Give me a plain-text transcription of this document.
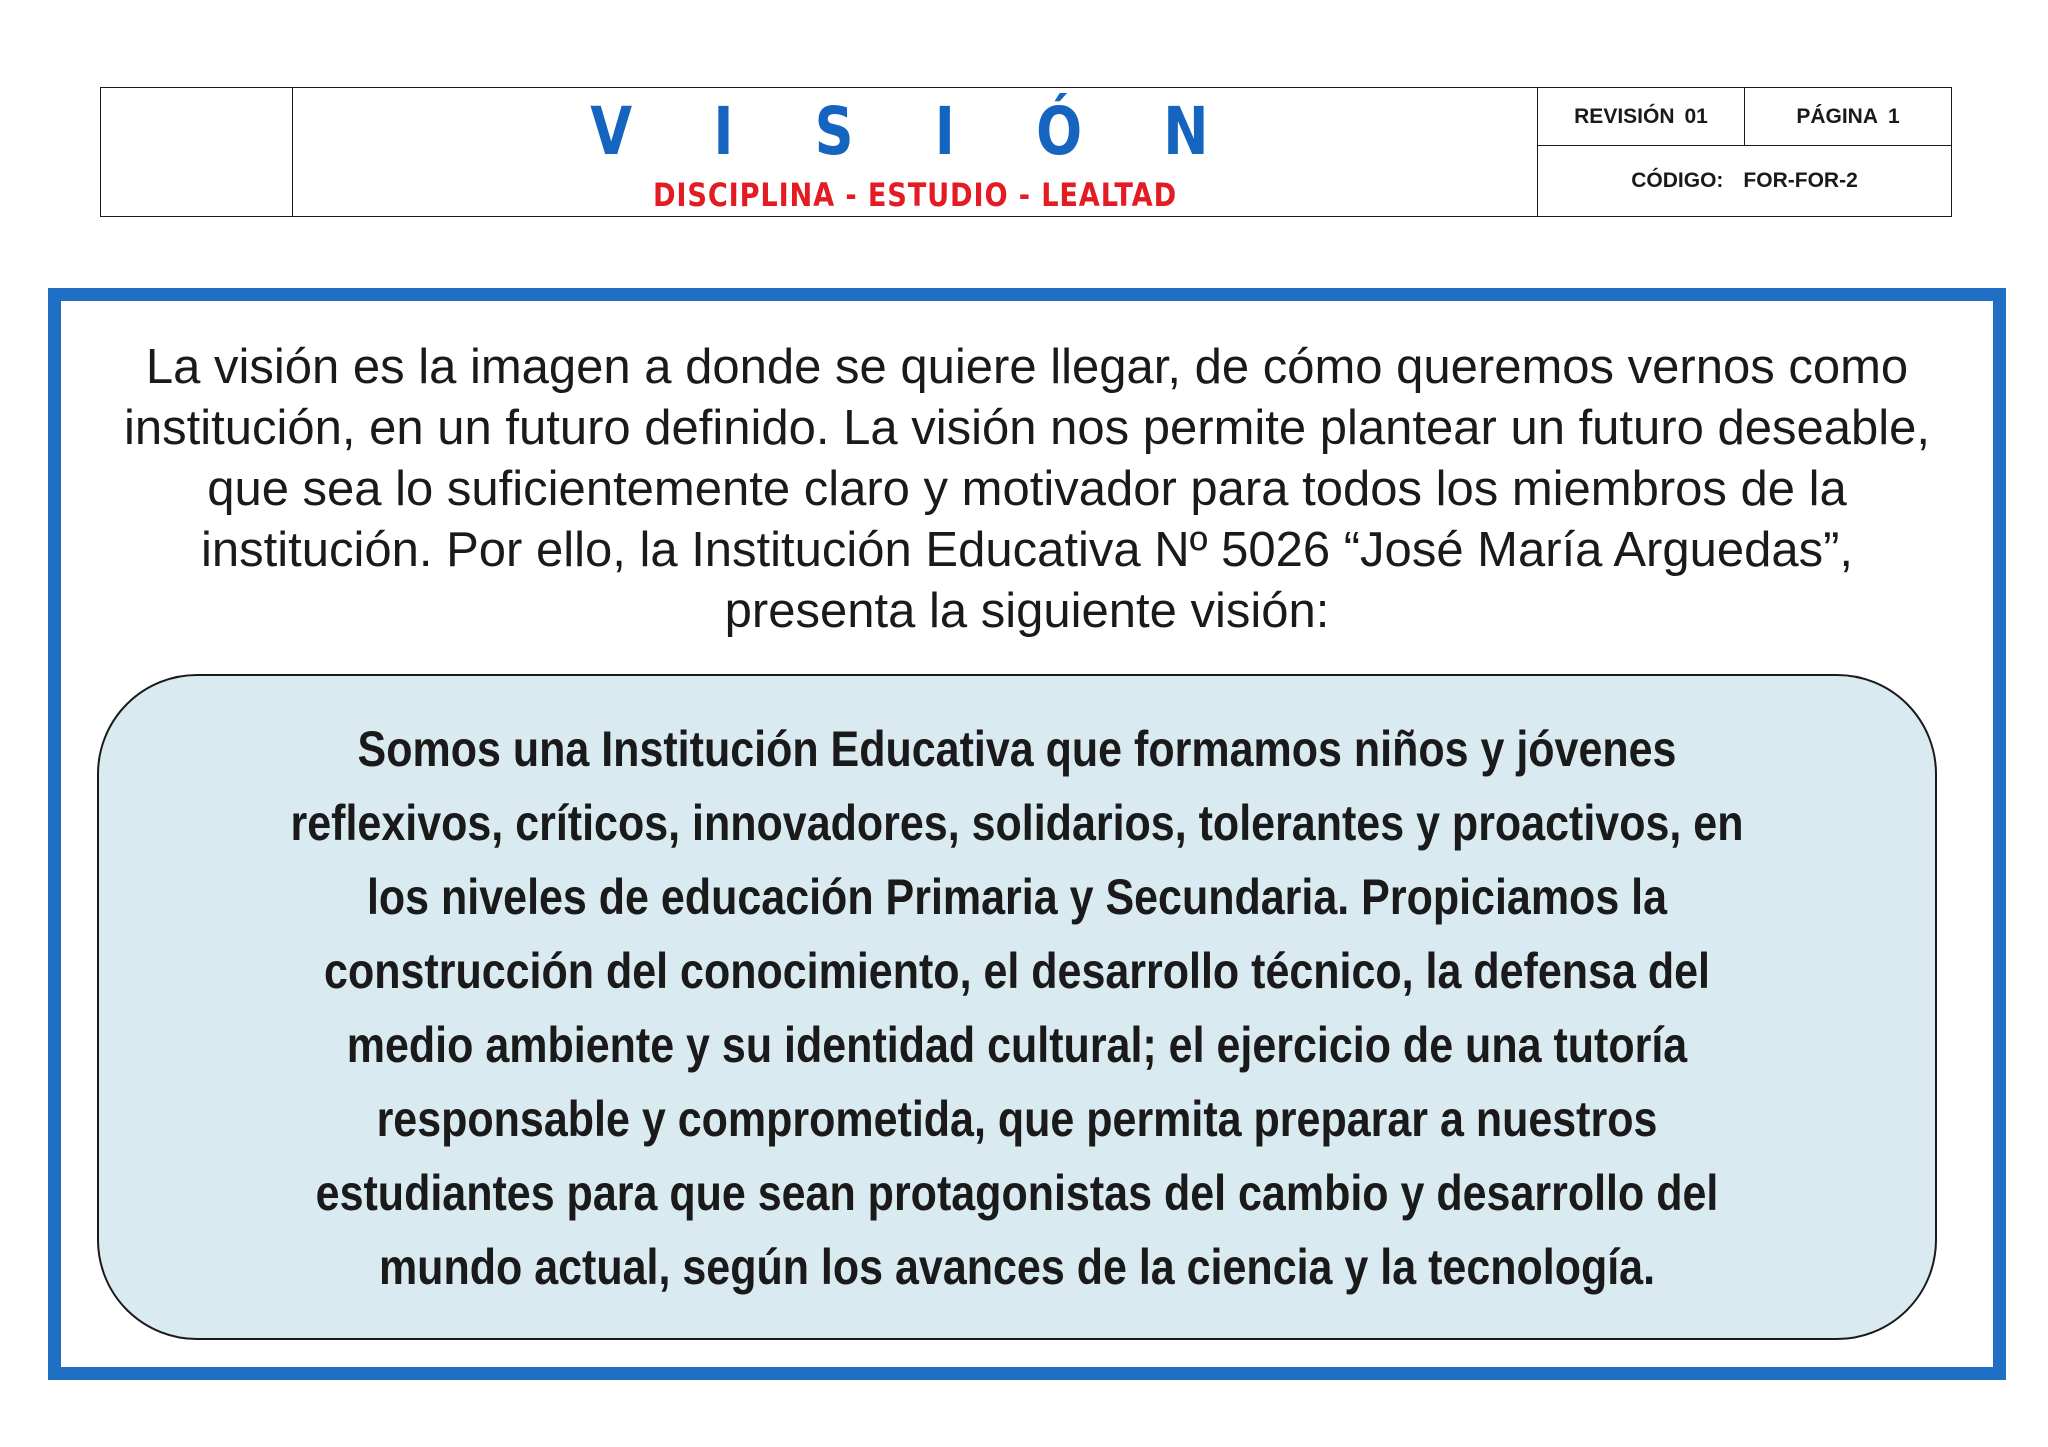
V I S I Ó N
DISCIPLINA - ESTUDIO - LEALTAD
REVISIÓN 01	PÁGINA 1
CÓDIGO: FOR-FOR-2
La visión es la imagen a donde se quiere llegar, de cómo queremos vernos como institución, en un futuro definido. La visión nos permite plantear un futuro deseable, que sea lo suficientemente claro y motivador para todos los miembros de la institución. Por ello, la Institución Educativa Nº 5026 “José María Arguedas”, presenta la siguiente visión:
Somos una Institución Educativa que formamos niños y jóvenes reflexivos, críticos, innovadores, solidarios, tolerantes y proactivos, en los niveles de educación Primaria y Secundaria. Propiciamos la construcción del conocimiento, el desarrollo técnico, la defensa del medio ambiente y su identidad cultural; el ejercicio de una tutoría responsable y comprometida, que permita preparar a nuestros estudiantes para que sean protagonistas del cambio y desarrollo del mundo actual, según los avances de la ciencia y la tecnología.
